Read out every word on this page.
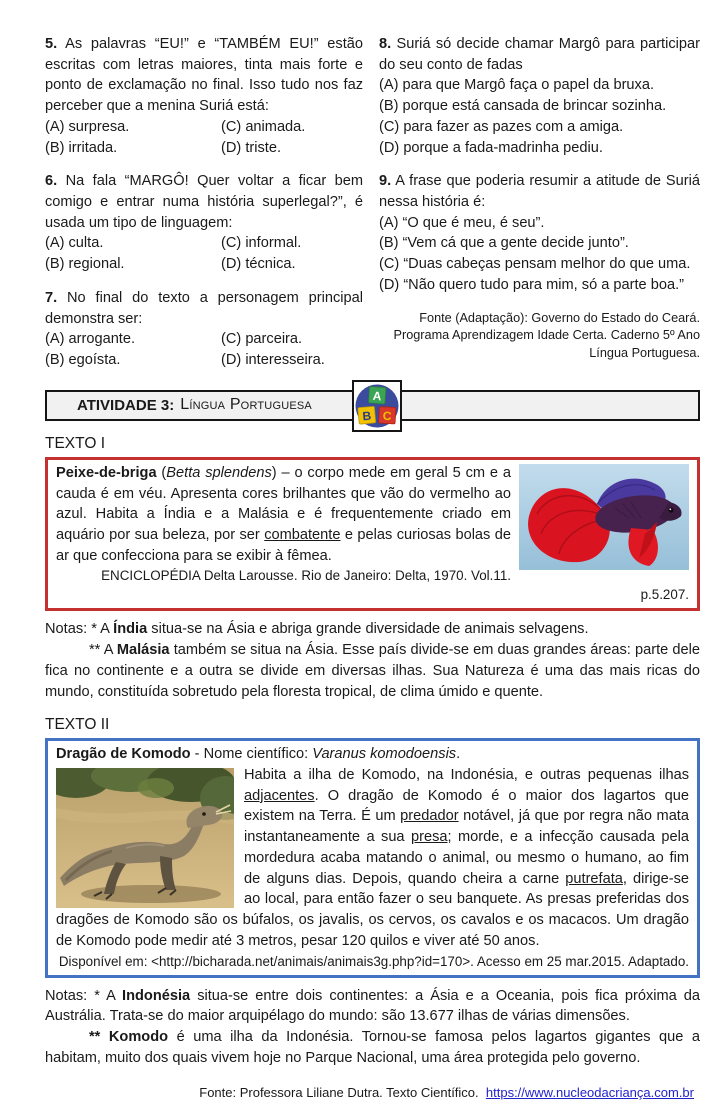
5. As palavras “EU!” e “TAMBÉM EU!” estão escritas com letras maiores, tinta mais forte e ponto de exclamação no final. Isso tudo nos faz perceber que a menina Suriá está:

(A) surpresa.	(C) animada.
(B) irritada.	(D) triste.

6. Na fala “MARGÔ! Quer voltar a ficar bem comigo e entrar numa história superlegal?”, é usada um tipo de linguagem:

(A) culta.	(C) informal.
(B) regional.	(D) técnica.

7. No final do texto a personagem principal demonstra ser:

(A) arrogante.	(C) parceira.
(B) egoísta.	(D) interesseira.

8. Suriá só decide chamar Margô para participar do seu conto de fadas

(A) para que Margô faça o papel da bruxa.
(B) porque está cansada de brincar sozinha.
(C) para fazer as pazes com a amiga.
(D) porque a fada-madrinha pediu.

9. A frase que poderia resumir a atitude de Suriá nessa história é:

(A) “O que é meu, é seu”.
(B) “Vem cá que a gente decide junto”.
(C) “Duas cabeças pensam melhor do que uma.
(D) “Não quero tudo para mim, só a parte boa.”

Fonte (Adaptação): Governo do Estado do Ceará. Programa Aprendizagem Idade Certa. Caderno 5º Ano Língua Portuguesa.

ATIVIDADE 3: Língua Portuguesa
A
B C
TEXTO I

Peixe-de-briga (Betta splendens) – o corpo mede em geral 5 cm e a cauda é em véu. Apresenta cores brilhantes que vão do vermelho ao azul. Habita a Índia e a Malásia e é frequentemente criado em aquário por sua beleza, por ser combatente e pelas curiosas bolas de ar que confecciona para se exibir à fêmea.

ENCICLOPÉDIA Delta Larousse. Rio de Janeiro: Delta, 1970. Vol.11. p.5.207.

Notas: * A Índia situa-se na Ásia e abriga grande diversidade de animais selvagens.

** A Malásia também se situa na Ásia. Esse país divide-se em duas grandes áreas: parte dele fica no continente e a outra se divide em diversas ilhas. Sua Natureza é uma das mais ricas do mundo, constituída sobretudo pela floresta tropical, de clima úmido e quente.

TEXTO II

Dragão de Komodo - Nome científico: Varanus komodoensis.

Habita a ilha de Komodo, na Indonésia, e outras pequenas ilhas adjacentes. O dragão de Komodo é o maior dos lagartos que existem na Terra. É um predador notável, já que por regra não mata instantaneamente a sua presa; morde, e a infecção causada pela mordedura acaba matando o animal, ou mesmo o humano, ao fim de alguns dias. Depois, quando cheira a carne putrefata, dirige-se ao local, para então fazer o seu banquete. As presas preferidas dos dragões de Komodo são os búfalos, os javalis, os cervos, os cavalos e os macacos. Um dragão de Komodo pode medir até 3 metros, pesar 120 quilos e viver até 50 anos.

Disponível em: <http://bicharada.net/animais/animais3g.php?id=170>. Acesso em 25 mar.2015. Adaptado.

Notas: * A Indonésia situa-se entre dois continentes: a Ásia e a Oceania, pois fica próxima da Austrália. Trata-se do maior arquipélago do mundo: são 13.677 ilhas de várias dimensões.

** Komodo é uma ilha da Indonésia. Tornou-se famosa pelos lagartos gigantes que a habitam, muito dos quais vivem hoje no Parque Nacional, uma área protegida pelo governo.

Fonte: Professora Liliane Dutra. Texto Científico. https://www.nucleodacriança.com.br
